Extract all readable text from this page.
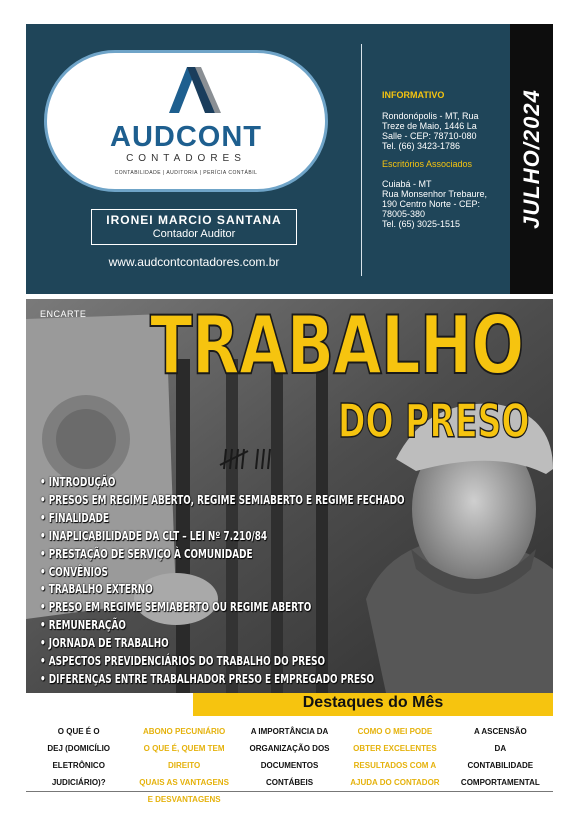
AUDCONT
CONTADORES
CONTABILIDADE | AUDITORIA | PERÍCIA CONTÁBIL
IRONEI MARCIO SANTANA
Contador Auditor
www.audcontcontadores.com.br
INFORMATIVO
Rondonópolis - MT, Rua
Treze de Maio, 1446 La
Salle - CEP: 78710-080
Tel. (66) 3423-1786
Escritórios Associados
Cuiabá - MT
Rua Monsenhor Trebaure,
190 Centro Norte - CEP:
78005-380
Tel. (65) 3025-1515	JULHO/2024
ENCARTE TRABALHO
DO PRESO
• INTRODUÇÃO
• PRESOS EM REGIME ABERTO, REGIME SEMIABERTO E REGIME FECHADO
• FINALIDADE
• INAPLICABILIDADE DA CLT – LEI Nº 7.210/84
• PRESTAÇÃO DE SERVIÇO À COMUNIDADE
• CONVÊNIOS
• TRABALHO EXTERNO
• PRESO EM REGIME SEMIABERTO OU REGIME ABERTO
• REMUNERAÇÃO
• JORNADA DE TRABALHO
• ASPECTOS PREVIDENCIÁRIOS DO TRABALHO DO PRESO
• DIFERENÇAS ENTRE TRABALHADOR PRESO E EMPREGADO PRESO
Destaques do Mês
O QUE É O
DEJ (DOMICÍLIO
ELETRÔNICO
JUDICIÁRIO)?
ABONO PECUNIÁRIO
O QUE É, QUEM TEM DIREITO
QUAIS AS VANTAGENS
E DESVANTAGENS
A IMPORTÂNCIA DA
ORGANIZAÇÃO DOS
DOCUMENTOS
CONTÁBEIS
COMO O MEI PODE
OBTER EXCELENTES
RESULTADOS COM A
AJUDA DO CONTADOR
A ASCENSÃO
DA
CONTABILIDADE
COMPORTAMENTAL
